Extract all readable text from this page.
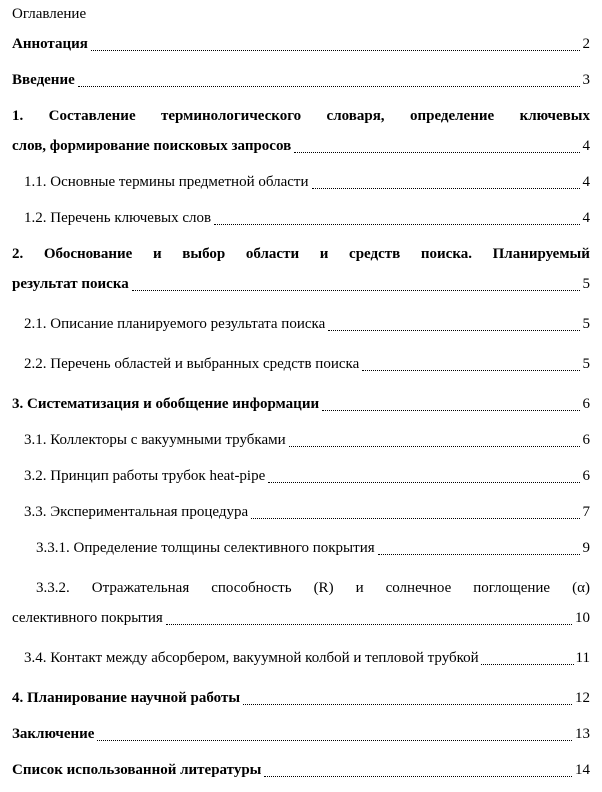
Оглавление
Аннотация	2
Введение	3
1. Составление терминологического словаря, определение ключевых
слов, формирование поисковых запросов	4
1.1. Основные термины предметной области	4
1.2. Перечень ключевых слов	4
2. Обоснование и выбор области и средств поиска. Планируемый
результат поиска	5
2.1. Описание планируемого результата поиска	5
2.2. Перечень областей и выбранных средств поиска	5
3. Систематизация и обобщение информации	6
3.1. Коллекторы с вакуумными трубками	6
3.2. Принцип работы трубок heat-pipe	6
3.3. Экспериментальная процедура	7
3.3.1. Определение толщины селективного покрытия	9
3.3.2. Отражательная способность (R) и солнечное поглощение (α)
селективного покрытия	10
3.4. Контакт между абсорбером, вакуумной колбой и тепловой трубкой	11
4. Планирование научной работы	12
Заключение	13
Список использованной литературы	14
